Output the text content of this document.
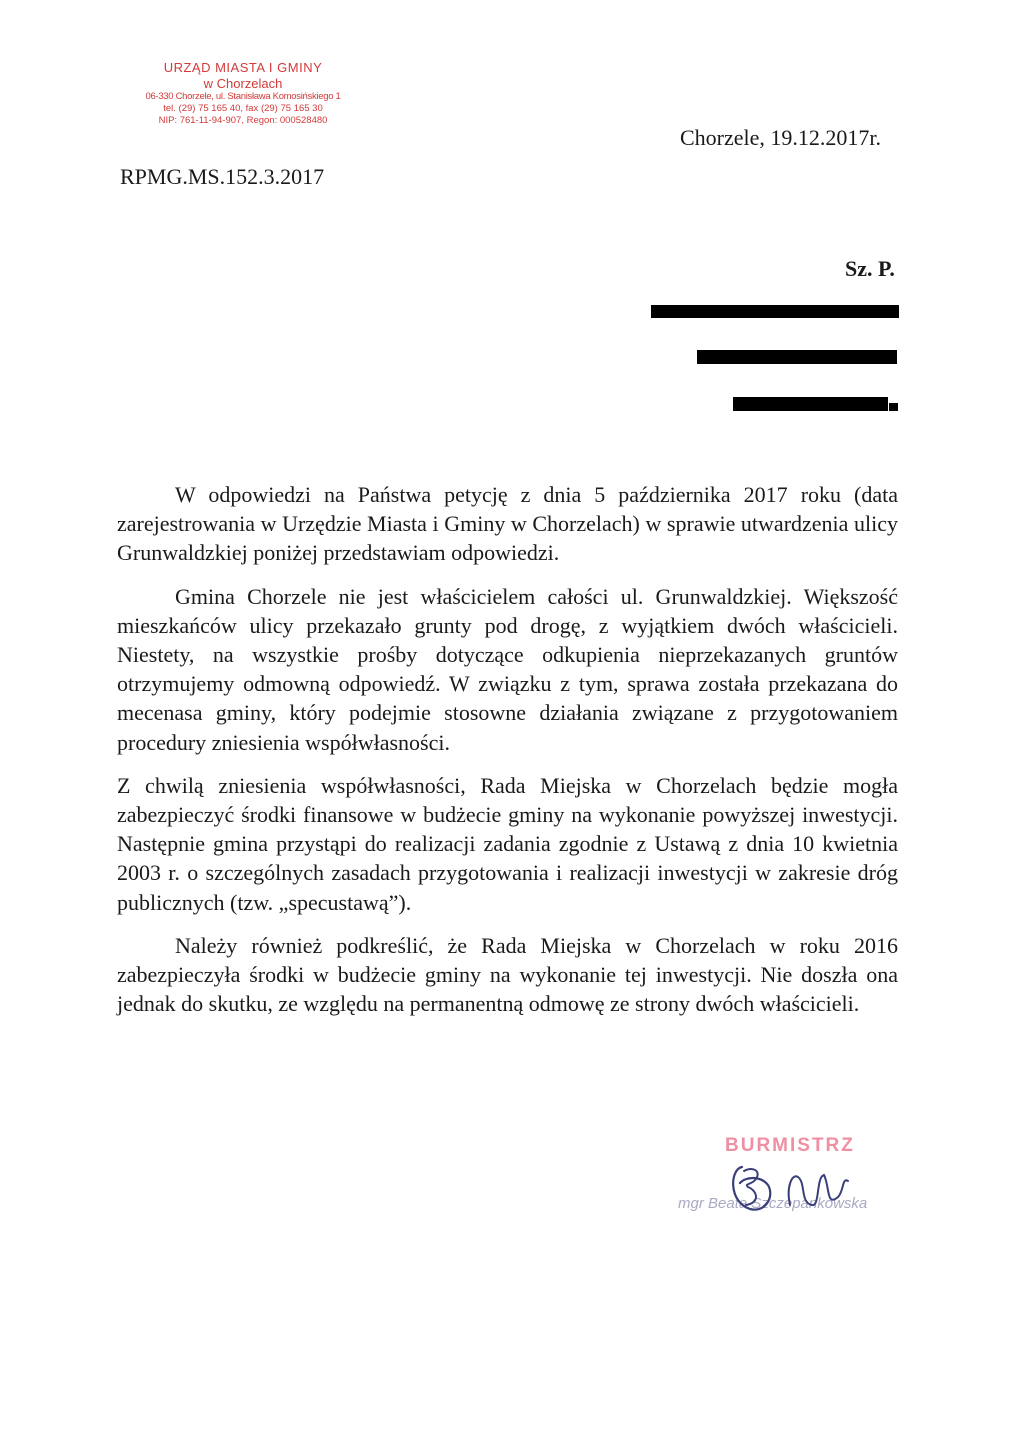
URZĄD MIASTA I GMINY
w Chorzelach
06-330 Chorzele, ul. Stanisława Komosińskiego 1
tel. (29) 75 165 40, fax (29) 75 165 30
NIP: 761-11-94-907, Regon: 000528480
RPMG.MS.152.3.2017
Chorzele, 19.12.2017r.
Sz. P.

W odpowiedzi na Państwa petycję z dnia 5 października 2017 roku (data zarejestrowania w Urzędzie Miasta i Gminy w Chorzelach) w sprawie utwardzenia ulicy Grunwaldzkiej poniżej przedstawiam odpowiedzi.

Gmina Chorzele nie jest właścicielem całości ul. Grunwaldzkiej. Większość mieszkańców ulicy przekazało grunty pod drogę, z wyjątkiem dwóch właścicieli. Niestety, na wszystkie prośby dotyczące odkupienia nieprzekazanych gruntów otrzymujemy odmowną odpowiedź. W związku z tym, sprawa została przekazana do mecenasa gminy, który podejmie stosowne działania związane z przygotowaniem procedury zniesienia współwłasności.

Z chwilą zniesienia współwłasności, Rada Miejska w Chorzelach będzie mogła zabezpieczyć środki finansowe w budżecie gminy na wykonanie powyższej inwestycji. Następnie gmina przystąpi do realizacji zadania zgodnie z Ustawą z dnia 10 kwietnia 2003 r. o szczególnych zasadach przygotowania i realizacji inwestycji w zakresie dróg publicznych (tzw. „specustawą”).

Należy również podkreślić, że Rada Miejska w Chorzelach w roku 2016 zabezpieczyła środki w budżecie gminy na wykonanie tej inwestycji. Nie doszła ona jednak do skutku, ze względu na permanentną odmowę ze strony dwóch właścicieli.

BURMISTRZ
mgr Beata Szczepankowska
